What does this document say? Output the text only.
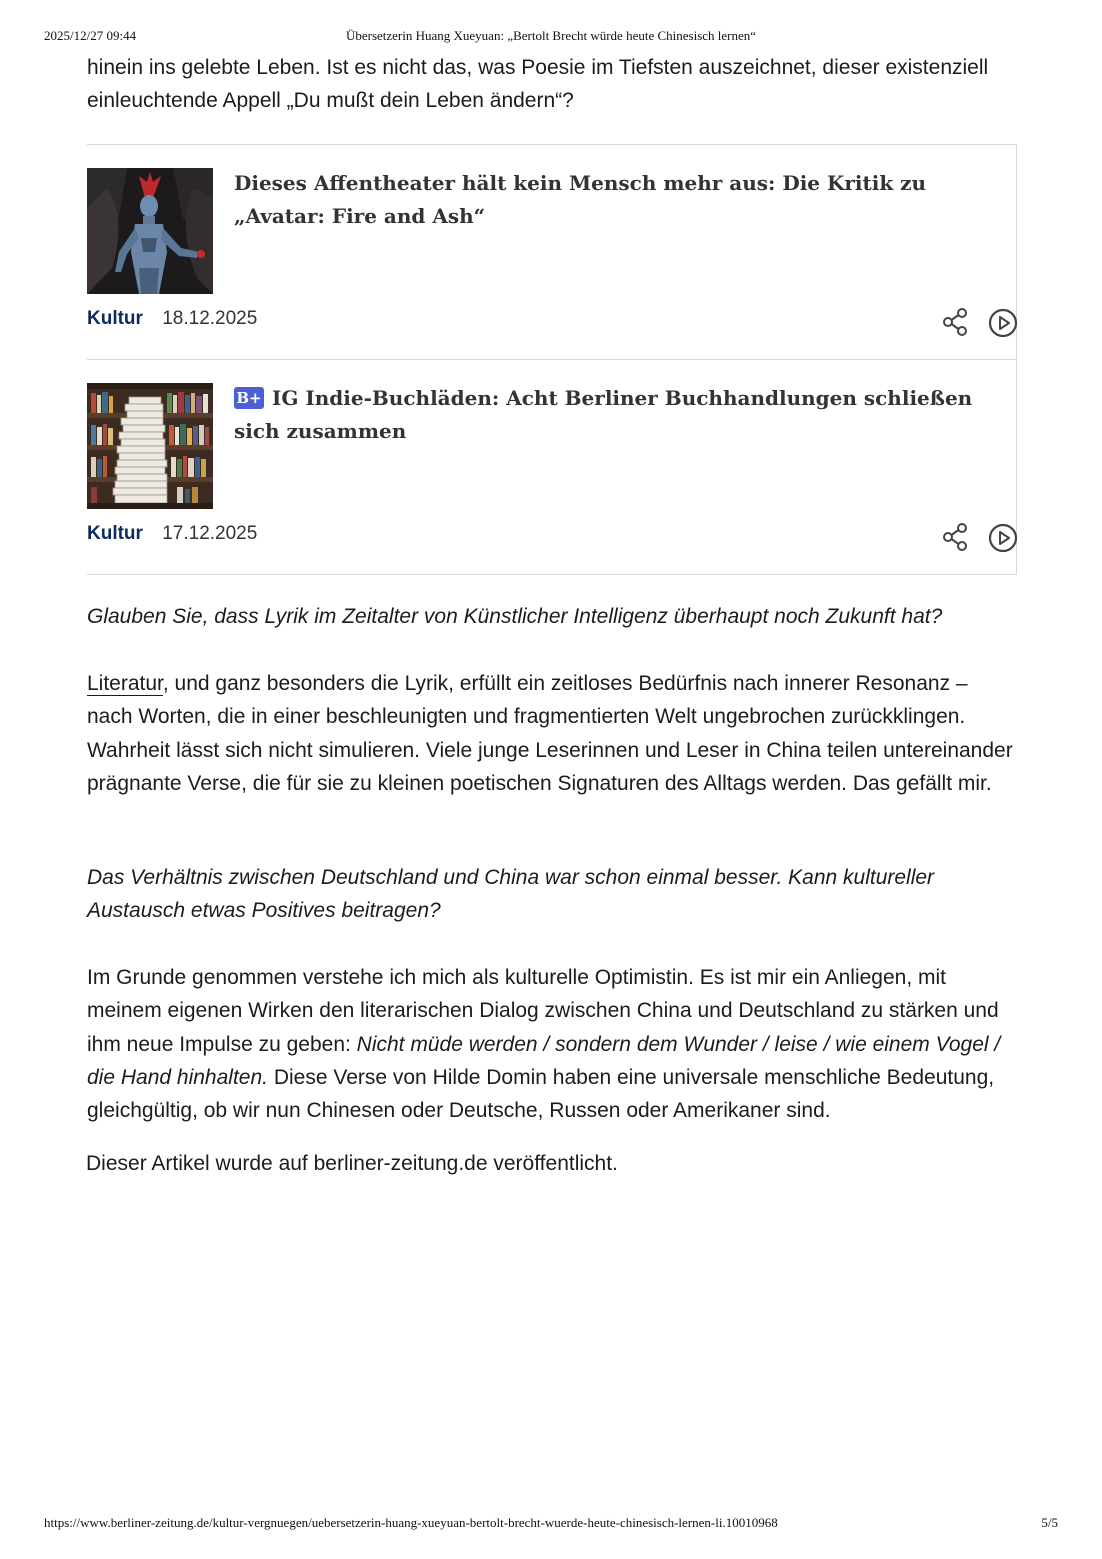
2025/12/27 09:44	Übersetzerin Huang Xueyuan: „Bertolt Brecht würde heute Chinesisch lernen“

hinein ins gelebte Leben. Ist es nicht das, was Poesie im Tiefsten auszeichnet, dieser existenziell einleuchtende Appell „Du mußt dein Leben ändern“?

Dieses Affentheater hält kein Mensch mehr aus: Die Kritik zu „Avatar: Fire and Ash“
Kultur 18.12.2025
B+ IG Indie-Buchläden: Acht Berliner Buchhandlungen schließen sich zusammen
Kultur 17.12.2025

Glauben Sie, dass Lyrik im Zeitalter von Künstlicher Intelligenz überhaupt noch Zukunft hat?

Literatur, und ganz besonders die Lyrik, erfüllt ein zeitloses Bedürfnis nach innerer Resonanz – nach Worten, die in einer beschleunigten und fragmentierten Welt ungebrochen zurückklingen. Wahrheit lässt sich nicht simulieren. Viele junge Leserinnen und Leser in China teilen untereinander prägnante Verse, die für sie zu kleinen poetischen Signaturen des Alltags werden. Das gefällt mir.

Das Verhältnis zwischen Deutschland und China war schon einmal besser. Kann kultureller Austausch etwas Positives beitragen?

Im Grunde genommen verstehe ich mich als kulturelle Optimistin. Es ist mir ein Anliegen, mit meinem eigenen Wirken den literarischen Dialog zwischen China und Deutschland zu stärken und ihm neue Impulse zu geben: Nicht müde werden / sondern dem Wunder / leise / wie einem Vogel / die Hand hinhalten. Diese Verse von Hilde Domin haben eine universale menschliche Bedeutung, gleichgültig, ob wir nun Chinesen oder Deutsche, Russen oder Amerikaner sind.

Dieser Artikel wurde auf berliner-zeitung.de veröffentlicht.

https://www.berliner-zeitung.de/kultur-vergnuegen/uebersetzerin-huang-xueyuan-bertolt-brecht-wuerde-heute-chinesisch-lernen-li.10010968	5/5
